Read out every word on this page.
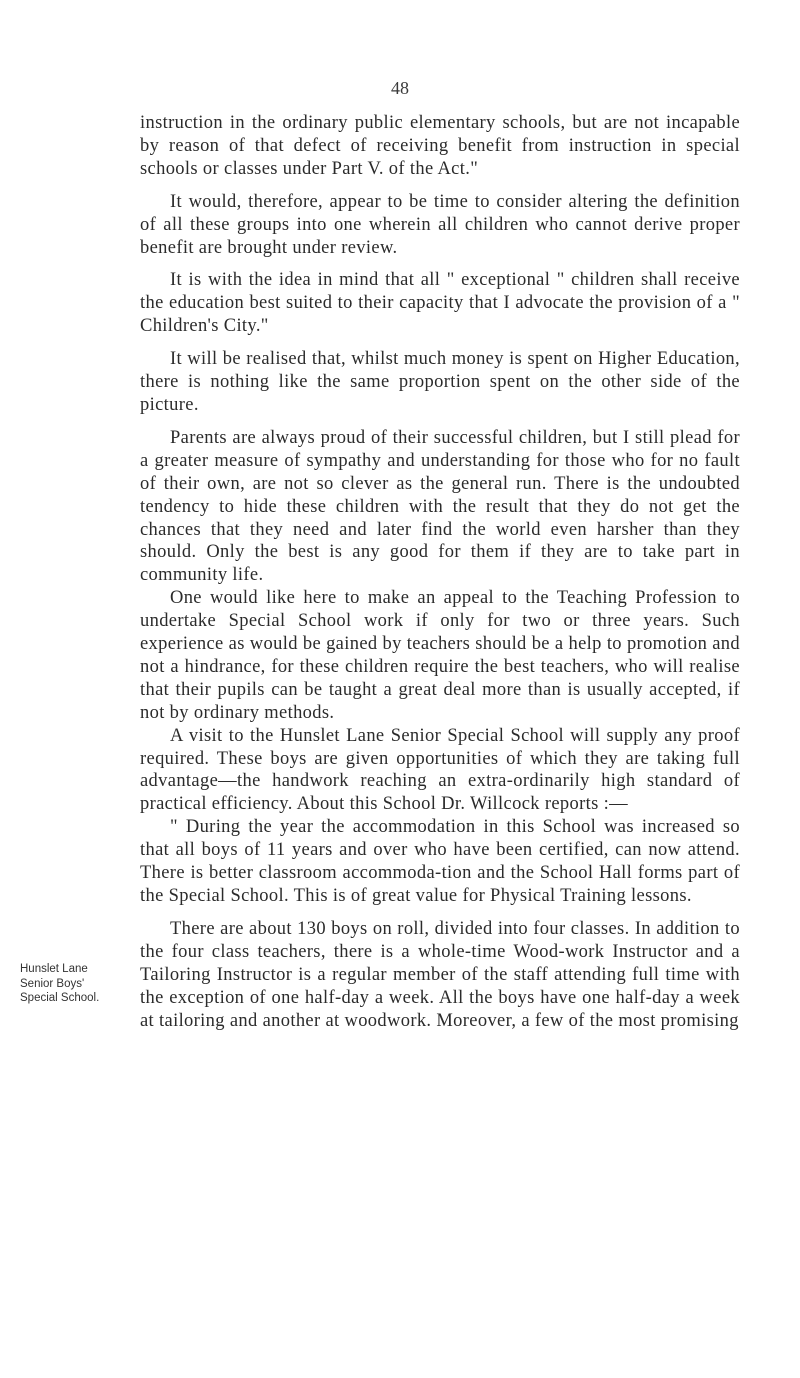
48
Hunslet Lane
Senior Boys'
Special School.

instruction in the ordinary public elementary schools, but are not incapable by reason of that defect of receiving benefit from instruction in special schools or classes under Part V. of the Act."

It would, therefore, appear to be time to consider altering the definition of all these groups into one wherein all children who cannot derive proper benefit are brought under review.

It is with the idea in mind that all " exceptional " children shall receive the education best suited to their capacity that I advocate the provision of a " Children's City."

It will be realised that, whilst much money is spent on Higher Education, there is nothing like the same proportion spent on the other side of the picture.

Parents are always proud of their successful children, but I still plead for a greater measure of sympathy and understanding for those who for no fault of their own, are not so clever as the general run. There is the undoubted tendency to hide these children with the result that they do not get the chances that they need and later find the world even harsher than they should. Only the best is any good for them if they are to take part in community life.

One would like here to make an appeal to the Teaching Profession to undertake Special School work if only for two or three years. Such experience as would be gained by teachers should be a help to promotion and not a hindrance, for these children require the best teachers, who will realise that their pupils can be taught a great deal more than is usually accepted, if not by ordinary methods.

A visit to the Hunslet Lane Senior Special School will supply any proof required. These boys are given opportunities of which they are taking full advantage—the handwork reaching an extra-ordinarily high standard of practical efficiency. About this School Dr. Willcock reports :—

" During the year the accommodation in this School was increased so that all boys of 11 years and over who have been certified, can now attend. There is better classroom accommoda-tion and the School Hall forms part of the Special School. This is of great value for Physical Training lessons.

There are about 130 boys on roll, divided into four classes. In addition to the four class teachers, there is a whole-time Wood-work Instructor and a Tailoring Instructor is a regular member of the staff attending full time with the exception of one half-day a week. All the boys have one half-day a week at tailoring and another at woodwork. Moreover, a few of the most promising
